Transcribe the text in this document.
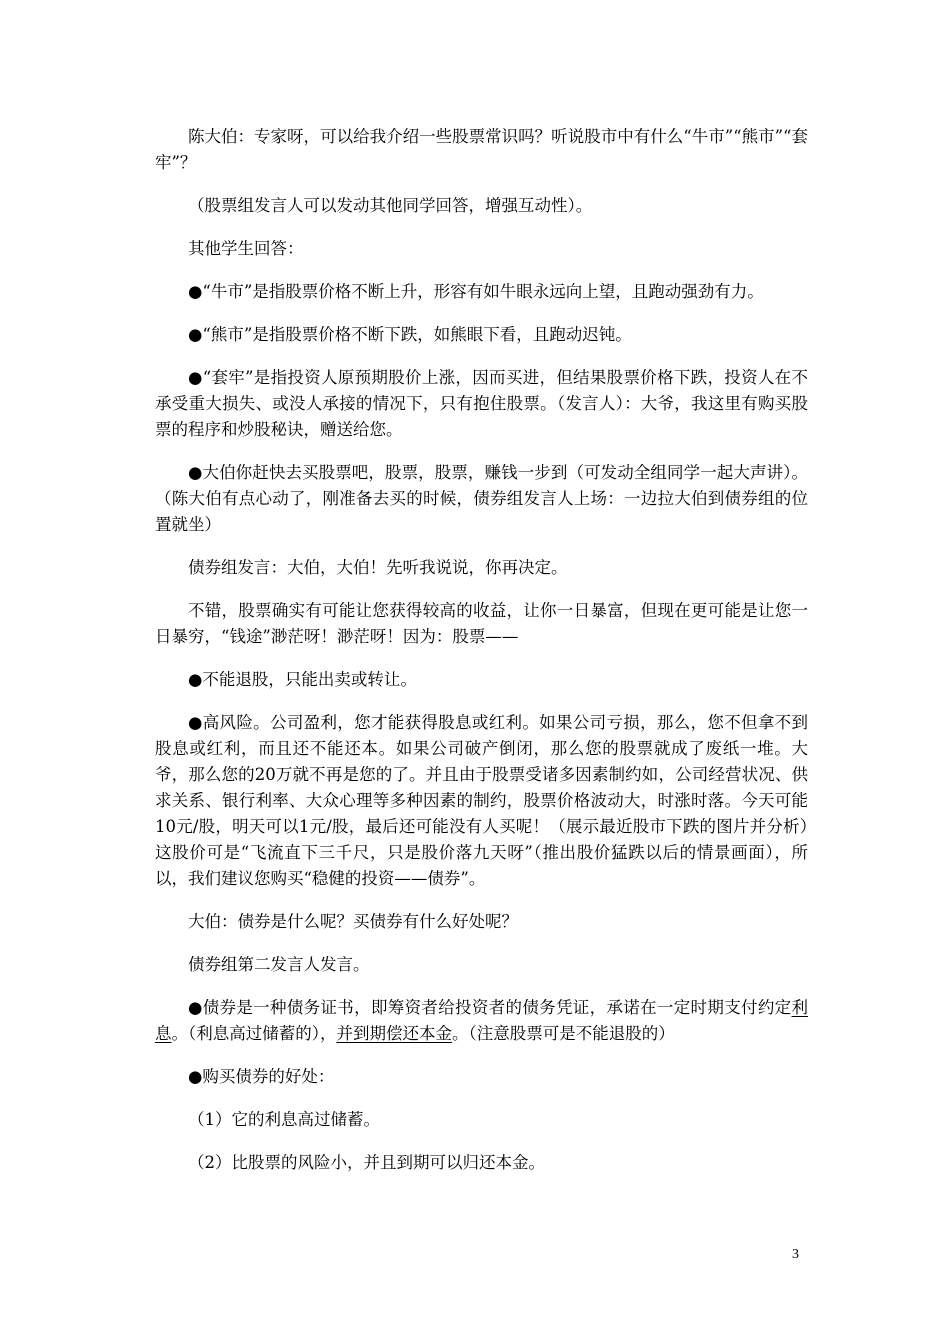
陈大伯：专家呀，可以给我介绍一些股票常识吗？听说股市中有什么“牛市”“熊市”“套牢”？

（股票组发言人可以发动其他同学回答，增强互动性）。

其他学生回答：

●“牛市”是指股票价格不断上升，形容有如牛眼永远向上望，且跑动强劲有力。

●“熊市”是指股票价格不断下跌，如熊眼下看，且跑动迟钝。

●“套牢”是指投资人原预期股价上涨，因而买进，但结果股票价格下跌，投资人在不承受重大损失、或没人承接的情况下，只有抱住股票。（发言人）：大爷，我这里有购买股票的程序和炒股秘诀，赠送给您。

●大伯你赶快去买股票吧，股票，股票，赚钱一步到（可发动全组同学一起大声讲）。（陈大伯有点心动了，刚准备去买的时候，债券组发言人上场：一边拉大伯到债券组的位置就坐）

债券组发言：大伯，大伯！先听我说说，你再决定。

不错，股票确实有可能让您获得较高的收益，让你一日暴富，但现在更可能是让您一日暴穷，“钱途”渺茫呀！渺茫呀！因为：股票——

●不能退股，只能出卖或转让。

●高风险。公司盈利，您才能获得股息或红利。如果公司亏损，那么，您不但拿不到股息或红利，而且还不能还本。如果公司破产倒闭，那么您的股票就成了废纸一堆。大爷，那么您的20万就不再是您的了。并且由于股票受诸多因素制约如，公司经营状况、供求关系、银行利率、大众心理等多种因素的制约，股票价格波动大，时涨时落。今天可能10元/股，明天可以1元/股，最后还可能没有人买呢！（展示最近股市下跌的图片并分析）这股价可是“飞流直下三千尺，只是股价落九天呀”（推出股价猛跌以后的情景画面），所以，我们建议您购买“稳健的投资——债券”。

大伯：债券是什么呢？买债券有什么好处呢？

债券组第二发言人发言。

●债券是一种债务证书，即筹资者给投资者的债务凭证，承诺在一定时期支付约定利息。（利息高过储蓄的），并到期偿还本金。（注意股票可是不能退股的）

●购买债券的好处：

（1）它的利息高过储蓄。

（2）比股票的风险小，并且到期可以归还本金。

3
